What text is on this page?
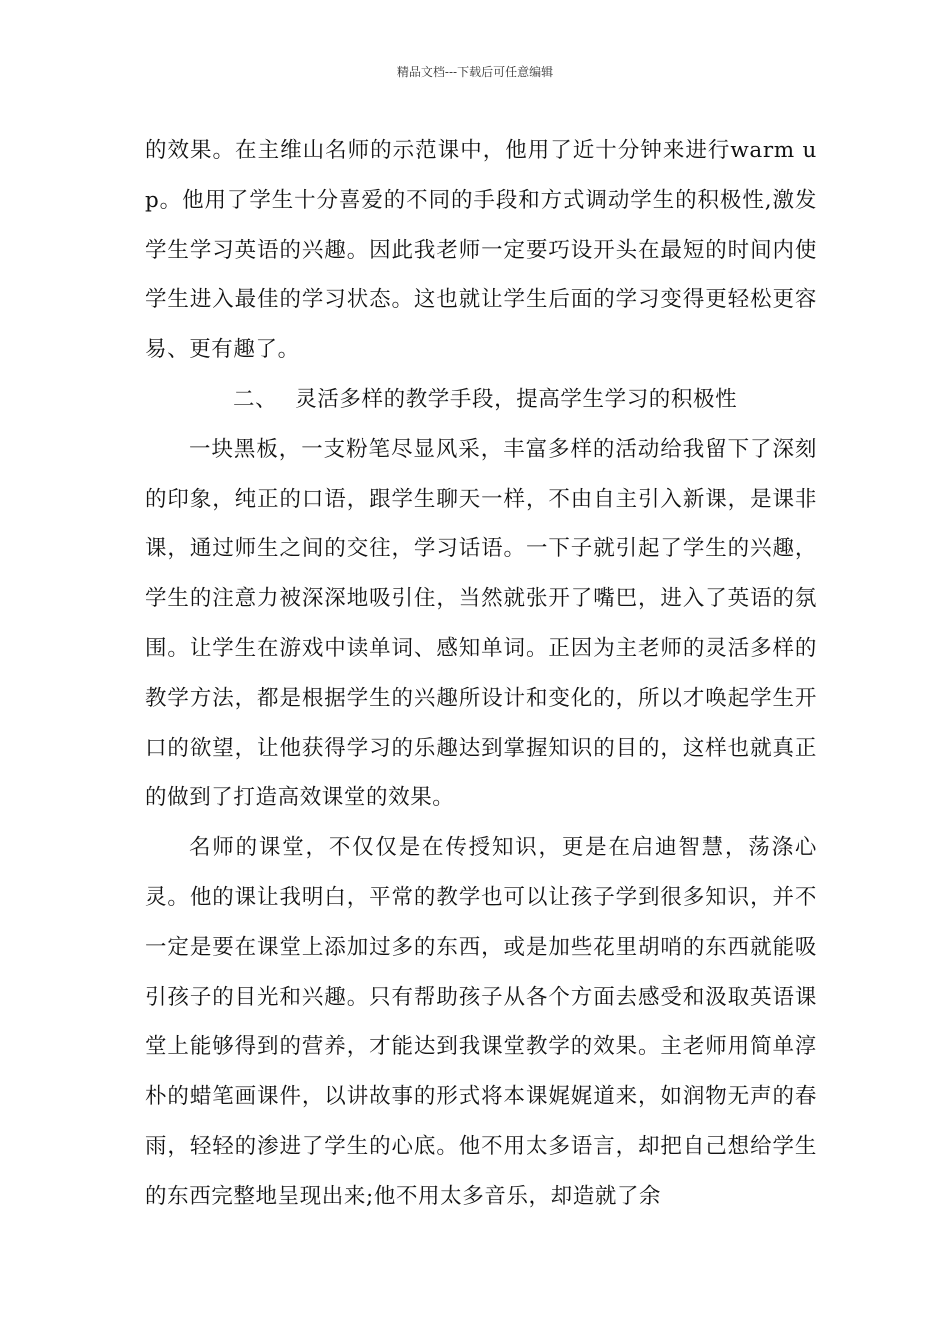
精品文档---下载后可任意编辑

的效果。在主维山名师的示范课中，他用了近十分钟来进行warm up。他用了学生十分喜爱的不同的手段和方式调动学生的积极性,激发学生学习英语的兴趣。因此我老师一定要巧设开头在最短的时间内使学生进入最佳的学习状态。这也就让学生后面的学习变得更轻松更容易、更有趣了。

二、 灵活多样的教学手段，提高学生学习的积极性

一块黑板，一支粉笔尽显风采，丰富多样的活动给我留下了深刻的印象，纯正的口语，跟学生聊天一样，不由自主引入新课，是课非课，通过师生之间的交往，学习话语。一下子就引起了学生的兴趣，学生的注意力被深深地吸引住，当然就张开了嘴巴，进入了英语的氛围。让学生在游戏中读单词、感知单词。正因为主老师的灵活多样的教学方法，都是根据学生的兴趣所设计和变化的，所以才唤起学生开口的欲望，让他获得学习的乐趣达到掌握知识的目的，这样也就真正的做到了打造高效课堂的效果。

名师的课堂，不仅仅是在传授知识，更是在启迪智慧，荡涤心灵。他的课让我明白，平常的教学也可以让孩子学到很多知识，并不一定是要在课堂上添加过多的东西，或是加些花里胡哨的东西就能吸引孩子的目光和兴趣。只有帮助孩子从各个方面去感受和汲取英语课堂上能够得到的营养，才能达到我课堂教学的效果。主老师用简单淳朴的蜡笔画课件，以讲故事的形式将本课娓娓道来，如润物无声的春雨，轻轻的渗进了学生的心底。他不用太多语言，却把自己想给学生的东西完整地呈现出来;他不用太多音乐，却造就了余
